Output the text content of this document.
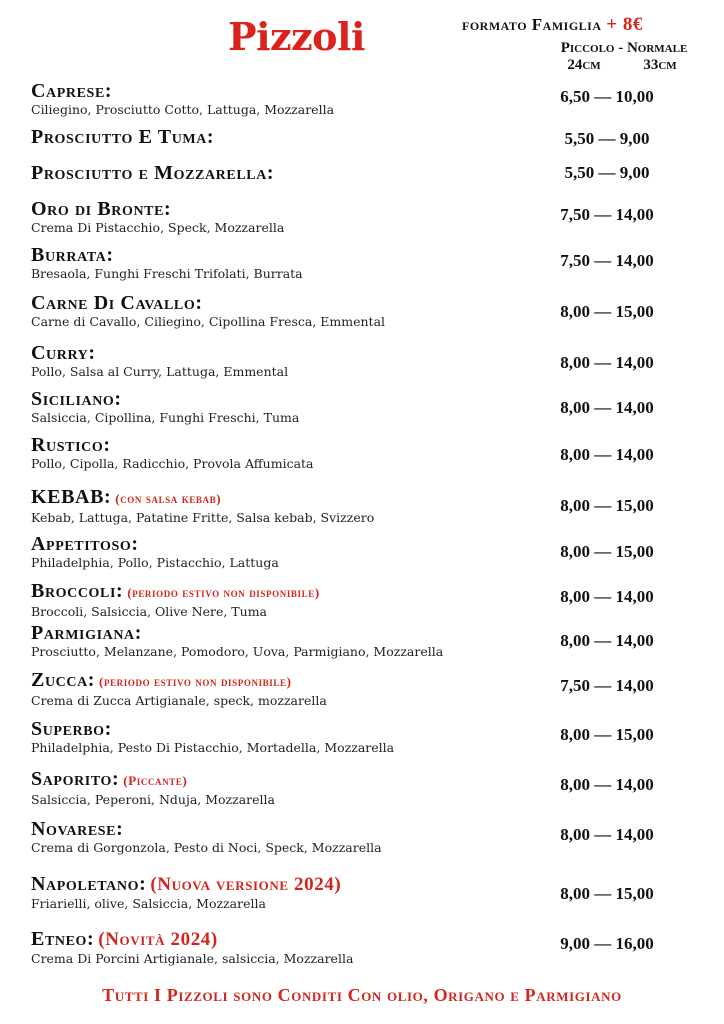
Pizzoli	formato Famiglia + 8€
Piccolo - Normale
24cm	33cm
Caprese:
Ciliegino, Prosciutto Cotto, Lattuga, Mozzarella
6,50 — 10,00
Prosciutto E Tuma:	5,50 — 9,00
Prosciutto e Mozzarella:	5,50 — 9,00
Oro di Bronte:
Crema Di Pistacchio, Speck, Mozzarella
7,50 — 14,00
Burrata:
Bresaola, Funghi Freschi Trifolati, Burrata
7,50 — 14,00
Carne Di Cavallo:
Carne di Cavallo, Ciliegino, Cipollina Fresca, Emmental
8,00 — 15,00
Curry:
Pollo, Salsa al Curry, Lattuga, Emmental	8,00 — 14,00
Siciliano:
Salsiccia, Cipollina, Funghi Freschi, Tuma
8,00 — 14,00
Rustico:
Pollo, Cipolla, Radicchio, Provola Affumicata	8,00 — 14,00
KEBAB: (con salsa kebab)
Kebab, Lattuga, Patatine Fritte, Salsa kebab, Svizzero
8,00 — 15,00
Appetitoso:
Philadelphia, Pollo, Pistacchio, Lattuga
8,00 — 15,00
Broccoli: (periodo estivo non disponibile)
Broccoli, Salsiccia, Olive Nere, Tuma
8,00 — 14,00
Parmigiana:
Prosciutto, Melanzane, Pomodoro, Uova, Parmigiano, Mozzarella
8,00 — 14,00
Zucca: (periodo estivo non disponibile)
Crema di Zucca Artigianale, speck, mozzarella
7,50 — 14,00
Superbo:
Philadelphia, Pesto Di Pistacchio, Mortadella, Mozzarella
8,00 — 15,00
Saporito: (Piccante)
Salsiccia, Peperoni, Nduja, Mozzarella
8,00 — 14,00
Novarese:
Crema di Gorgonzola, Pesto di Noci, Speck, Mozzarella
8,00 — 14,00
Napoletano: (Nuova versione 2024)
Friarielli, olive, Salsiccia, Mozzarella
8,00 — 15,00
Etneo: (Novità 2024)
Crema Di Porcini Artigianale, salsiccia, Mozzarella
9,00 — 16,00
Tutti I Pizzoli sono Conditi Con olio, Origano e Parmigiano
